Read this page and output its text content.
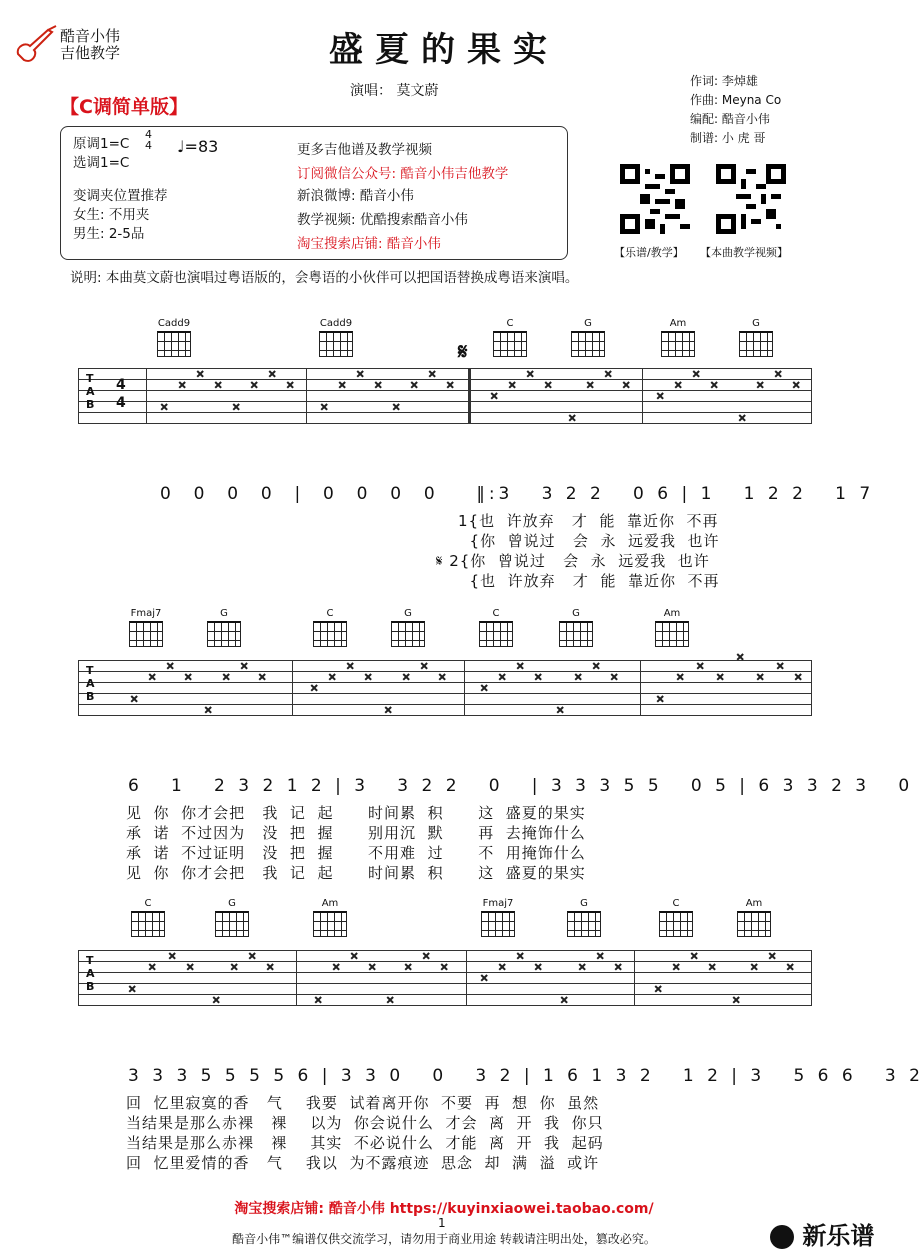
酷音小伟
吉他教学	盛夏的果实
演唱： 莫文蔚
作词: 李焯雄
作曲: Meyna Co
编配: 酷音小伟
制谱: 小 虎 哥
【C调简单版】
原调1=C
4
4 ♩=83
选调1=C
变调夹位置推荐
女生: 不用夹
男生: 2-5品
更多吉他谱及教学视频
订阅微信公众号: 酷音小伟吉他教学
新浪微博: 酷音小伟
教学视频: 优酷搜索酷音小伟
淘宝搜索店铺: 酷音小伟
【乐谱/教学】 【本曲教学视频】
说明: 本曲莫文蔚也演唱过粤语版的，会粤语的小伙伴可以把国语替换成粤语来演唱。
Cadd9	Cadd9	C	G	Am	G
𝄋
T
A
B
4
4	×
×
×
×
×
×
×
×
×
×
×
×
×
×
×
×
×
×
×
×
×
×
×
×
×
×
×
×
×
×
×
×
0  0  0  0  |  0  0  0  0    ‖:3   3 2 2   0 6 | 1   1 2 2   1 7
1{也  许放弃   才  能  靠近你  不再
{你  曾说过   会  永  远爱我  也许
𝄋 2{你  曾说过   会  永  远爱我  也许
{也  许放弃   才  能  靠近你  不再
Fmaj7	G	C	G	C	G	Am
T
A
B	×
×
×
×
×
×
×
×
×
×
×
×
×
×
×
×
×
×
×
×
×
×
×
×
×
×
×
×
×
×
×
×
6   1   2 3 2 1 2 | 3   3 2 2   0   | 3 3 3 5 5   0 5 | 6 3 3 2 3   0
见  你  你才会把   我  记  起      时间累  积      这  盛夏的果实
承  诺  不过因为   没  把  握      别用沉  默      再  去掩饰什么
承  诺  不过证明   没  把  握      不用难  过      不  用掩饰什么
见  你  你才会把   我  记  起      时间累  积      这  盛夏的果实
C	G	Am	Fmaj7	G	C	Am
T
A
B	×
×
×
×
×
×
×
×
×
×
×
×
×
×
×
×
×
×
×
×
×
×
×
×
×
×
×
×
×
×
×
×
3 3 3 5 5 5 5 6 | 3 3 0   0   3 2 | 1 6 1 3 2   1 2 | 3   5 6 6   3 2
回  忆里寂寞的香   气    我要  试着离开你  不要  再  想  你  虽然
当结果是那么赤裸   裸    以为  你会说什么  才会  离  开  我  你只
当结果是那么赤裸   裸    其实  不必说什么  才能  离  开  我  起码
回  忆里爱情的香   气    我以  为不露痕迹  思念  却  满  溢  或许
淘宝搜索店铺: 酷音小伟 https://kuyinxiaowei.taobao.com/
1
酷音小伟™编谱仅供交流学习，请勿用于商业用途 转载请注明出处，篡改必究。	新乐谱
